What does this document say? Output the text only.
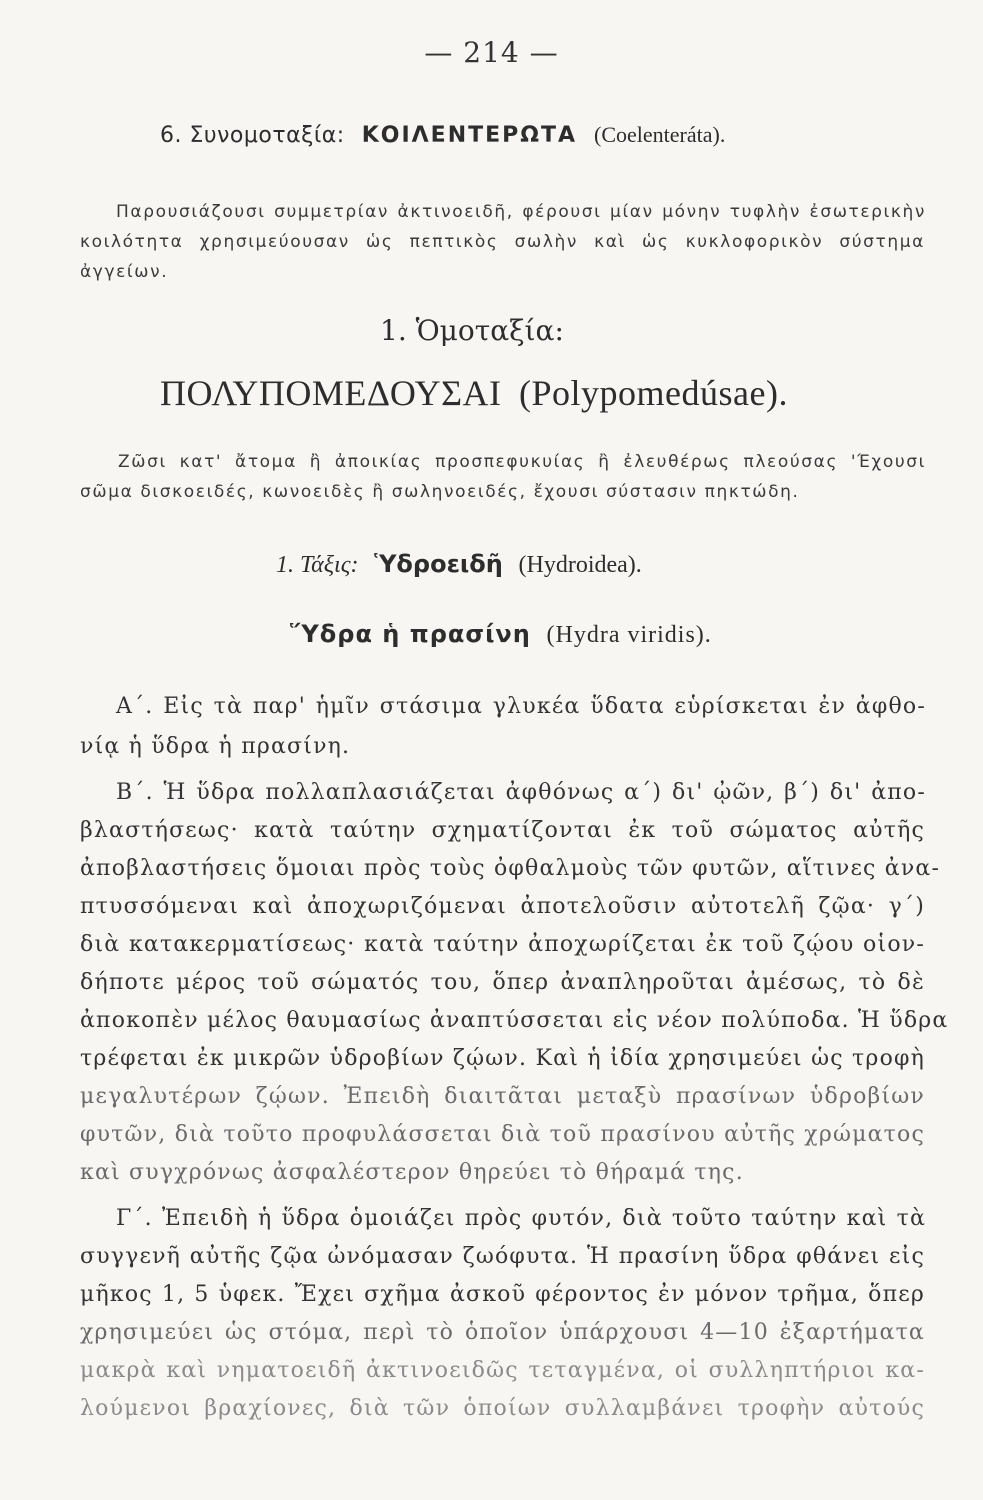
— 214 —
6. Συνομοταξία: ΚΟΙΛΕΝΤΕΡΩΤΑ (Coelenteráta).
Παρουσιάζουσι συμμετρίαν ἀκτινοειδῆ, φέρουσι μίαν μόνην τυφλὴν ἐσωτερικὴν
κοιλότητα χρησιμεύουσαν ὡς πεπτικὸς σωλὴν καὶ ὡς κυκλοφορικὸν σύστημα
ἀγγείων.
1. Ὁμοταξία:
ΠΟΛΥΠΟΜΕΔΟΥΣΑΙ (Polypomedúsae).
Ζῶσι κατ' ἄτομα ἢ ἀποικίας προσπεφυκυίας ἢ ἐλευθέρως πλεούσας 'Έχουσι
σῶμα δισκοειδές, κωνοειδὲς ἢ σωληνοειδές, ἔχουσι σύστασιν πηκτώδη.
1. Τάξις: Ὑδροειδῆ (Hydroidea).
Ὕδρα ἡ πρασίνη (Hydra viridis).
Α΄. Εἰς τὰ παρ' ἡμῖν στάσιμα γλυκέα ὕδατα εὑρίσκεται ἐν ἀφθο-
νίᾳ ἡ ὕδρα ἡ πρασίνη.
Β΄. Ἡ ὕδρα πολλαπλασιάζεται ἀφθόνως α΄) δι' ᾠῶν, β΄) δι' ἀπο-
βλαστήσεως· κατὰ ταύτην σχηματίζονται ἐκ τοῦ σώματος αὐτῆς
ἀποβλαστήσεις ὅμοιαι πρὸς τοὺς ὀφθαλμοὺς τῶν φυτῶν, αἵτινες ἀνα-
πτυσσόμεναι καὶ ἀποχωριζόμεναι ἀποτελοῦσιν αὐτοτελῆ ζῷα· γ΄)
διὰ κατακερματίσεως· κατὰ ταύτην ἀποχωρίζεται ἐκ τοῦ ζῴου οἱον-
δήποτε μέρος τοῦ σώματός του, ὅπερ ἀναπληροῦται ἀμέσως, τὸ δὲ
ἀποκοπὲν μέλος θαυμασίως ἀναπτύσσεται εἰς νέον πολύποδα. Ἡ ὕδρα
τρέφεται ἐκ μικρῶν ὑδροβίων ζῴων. Καὶ ἡ ἰδία χρησιμεύει ὡς τροφὴ
μεγαλυτέρων ζῴων. Ἐπειδὴ διαιτᾶται μεταξὺ πρασίνων ὑδροβίων
φυτῶν, διὰ τοῦτο προφυλάσσεται διὰ τοῦ πρασίνου αὐτῆς χρώματος
καὶ συγχρόνως ἀσφαλέστερον θηρεύει τὸ θήραμά της.
Γ΄. Ἐπειδὴ ἡ ὕδρα ὁμοιάζει πρὸς φυτόν, διὰ τοῦτο ταύτην καὶ τὰ
συγγενῆ αὐτῆς ζῷα ὠνόμασαν ζωόφυτα. Ἡ πρασίνη ὕδρα φθάνει εἰς
μῆκος 1, 5 ὑφεκ. Ἔχει σχῆμα ἀσκοῦ φέροντος ἐν μόνον τρῆμα, ὅπερ
χρησιμεύει ὡς στόμα, περὶ τὸ ὁποῖον ὑπάρχουσι 4—10 ἐξαρτήματα
μακρὰ καὶ νηματοειδῆ ἀκτινοειδῶς τεταγμένα, οἱ συλληπτήριοι κα-
λούμενοι βραχίονες, διὰ τῶν ὁποίων συλλαμβάνει τροφὴν αὐτούς
